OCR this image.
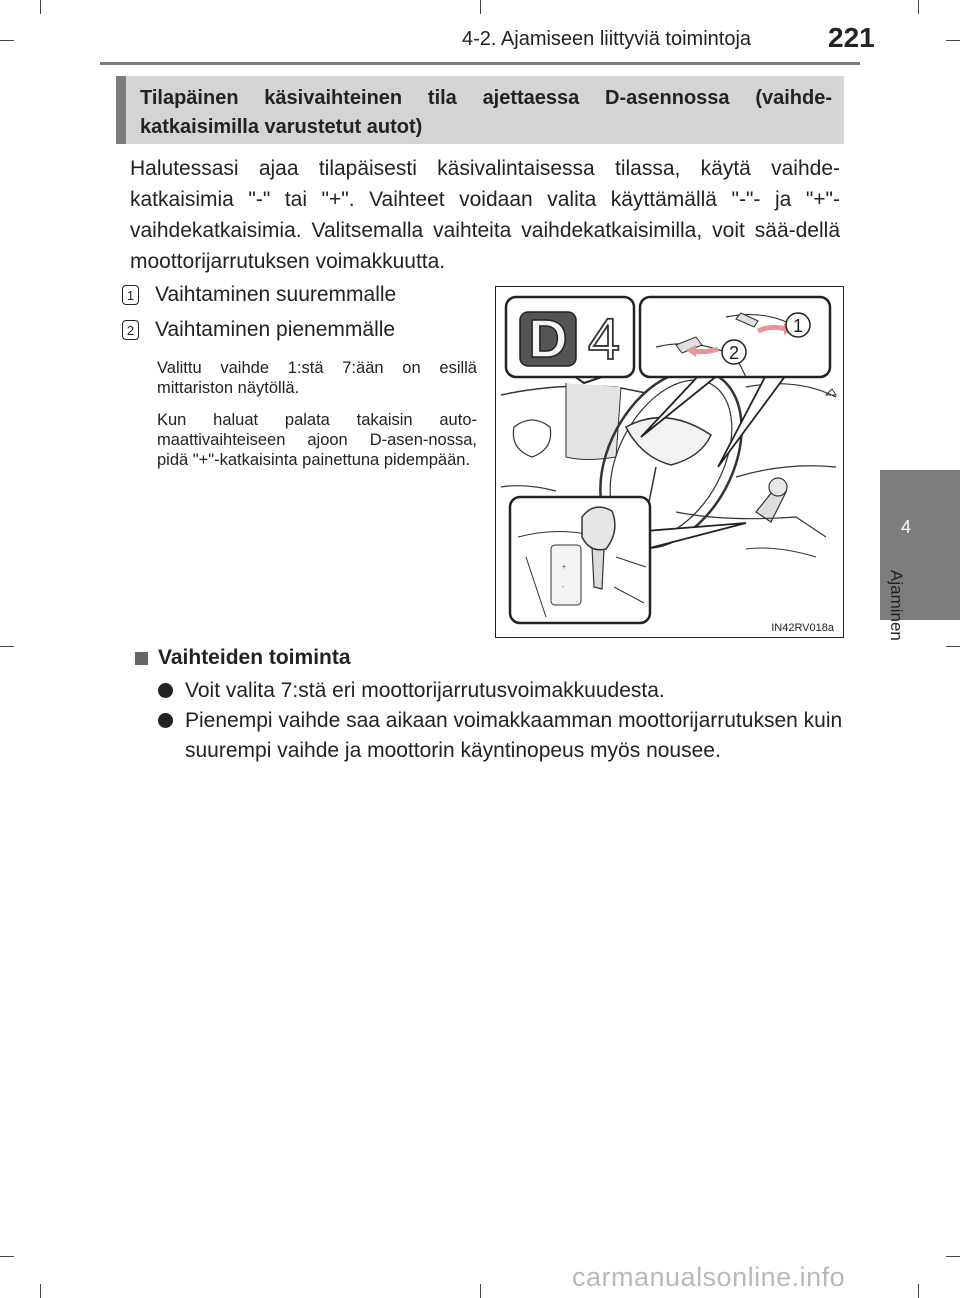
4-2. Ajamiseen liittyviä toimintoja	221
4
Ajaminen
Tilapäinen käsivaihteinen tila ajettaessa D-asennossa (vaihde-katkaisimilla varustetut autot)
Halutessasi ajaa tilapäisesti käsivalintaisessa tilassa, käytä vaihde-katkaisimia "-" tai "+". Vaihteet voidaan valita käyttämällä "-"- ja "+"-vaihdekatkaisimia. Valitsemalla vaihteita vaihdekatkaisimilla, voit sää-dellä moottorijarrutuksen voimakkuutta.
1 Vaihtaminen suuremmalle
2 Vaihtaminen pienemmälle
Valittu vaihde 1:stä 7:ään on esillä mittariston näytöllä.
Kun haluat palata takaisin auto-maattivaihteiseen ajoon D-asen-nossa, pidä "+"-katkaisinta painettuna pidempään.
D 4	1
2
+
-
IN42RV018a
Vaihteiden toiminta
Voit valita 7:stä eri moottorijarrutusvoimakkuudesta.
Pienempi vaihde saa aikaan voimakkaamman moottorijarrutuksen kuin suurempi vaihde ja moottorin käyntinopeus myös nousee.
carmanualsonline.info
